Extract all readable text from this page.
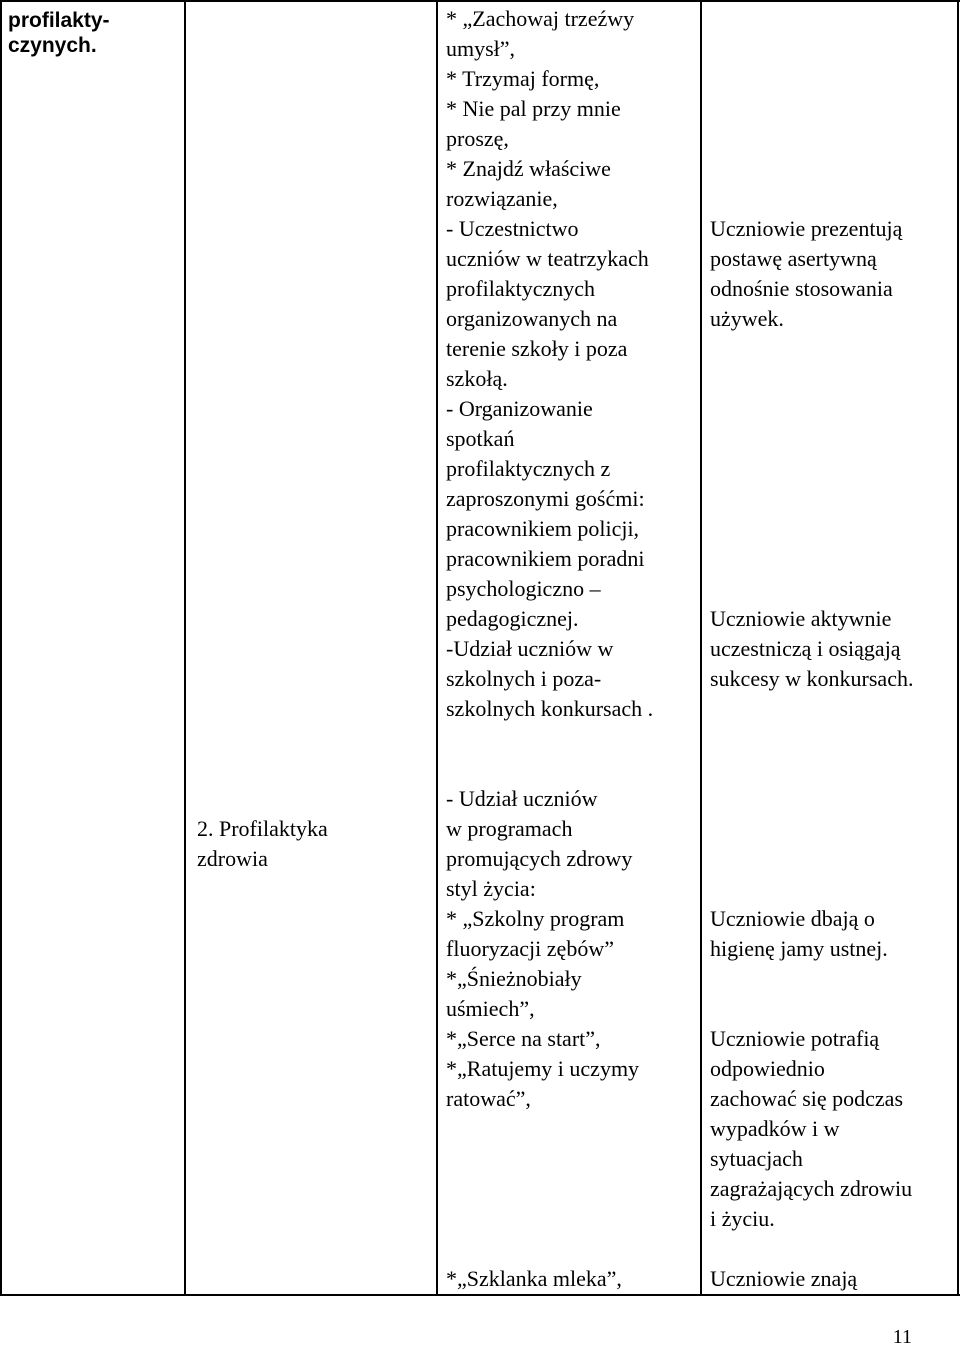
profilakty-
czynych.
* „Zachowaj trzeźwy
umysł”,
* Trzymaj formę,
* Nie pal przy mnie
proszę,
* Znajdź właściwe
rozwiązanie,
- Uczestnictwo
uczniów w teatrzykach
profilaktycznych
organizowanych na
terenie szkoły i poza
szkołą.
- Organizowanie
spotkań
profilaktycznych z
zaproszonymi gośćmi:
pracownikiem policji,
pracownikiem poradni
psychologiczno –
pedagogicznej.
-Udział uczniów w
szkolnych i poza-
szkolnych konkursach .
Uczniowie prezentują
postawę asertywną
odnośnie stosowania
używek.
Uczniowie aktywnie
uczestniczą i osiągają
sukcesy w konkursach.
2. Profilaktyka
zdrowia
- Udział uczniów
w programach
promujących zdrowy
styl życia:
* „Szkolny program
fluoryzacji zębów”
*„Śnieżnobiały
uśmiech”,
*„Serce na start”,
*„Ratujemy i uczymy
ratować”,
*„Szklanka mleka”,
Uczniowie dbają o
higienę jamy ustnej.
Uczniowie potrafią
odpowiednio
zachować się podczas
wypadków i w
sytuacjach
zagrażających zdrowiu
i życiu.
Uczniowie znają
11
